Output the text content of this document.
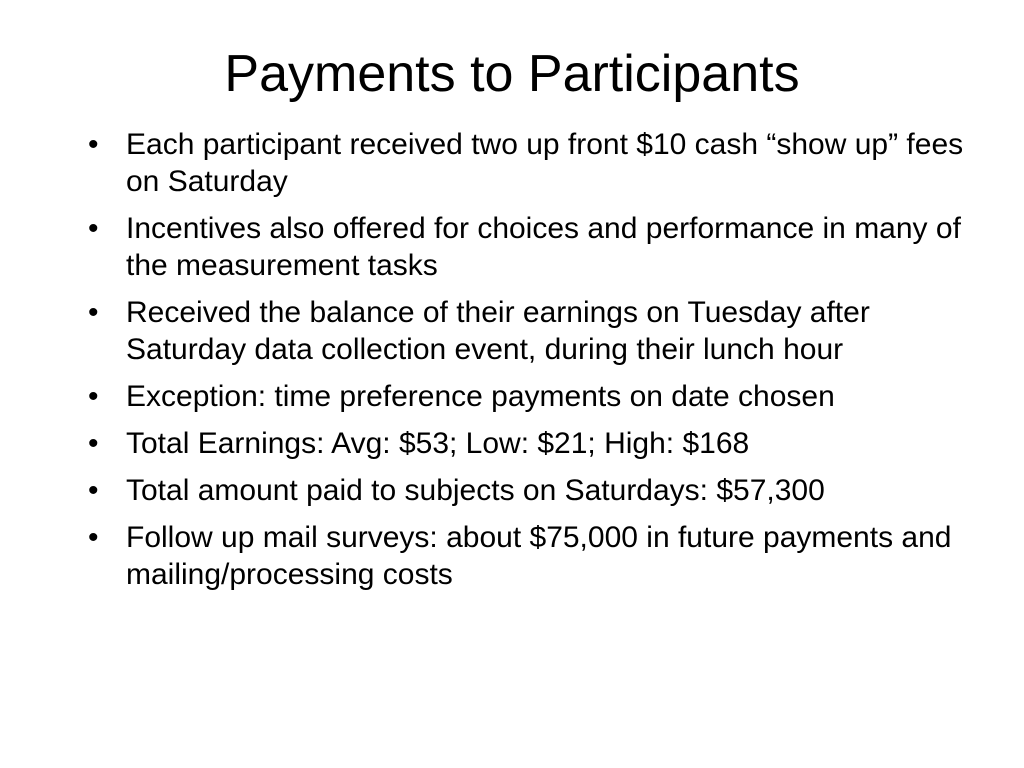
Payments to Participants
• Each participant received two up front $10 cash “show up” fees on Saturday
• Incentives also offered for choices and performance in many of the measurement tasks
• Received the balance of their earnings on Tuesday after Saturday data collection event, during their lunch hour
• Exception: time preference payments on date chosen
• Total Earnings: Avg: $53; Low: $21; High: $168
• Total amount paid to subjects on Saturdays: $57,300
• Follow up mail surveys: about $75,000 in future payments and mailing/processing costs
